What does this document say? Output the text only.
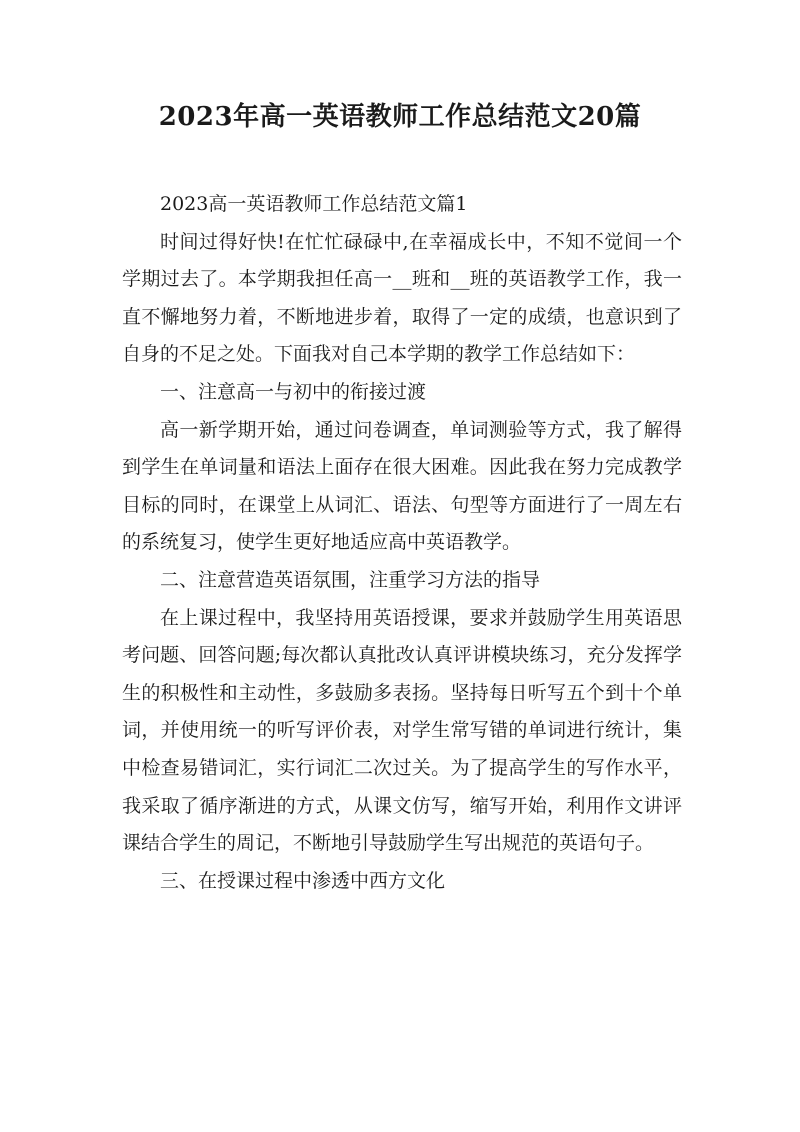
2023年高一英语教师工作总结范文20篇

2023高一英语教师工作总结范文篇1

时间过得好快!在忙忙碌碌中,在幸福成长中，不知不觉间一个学期过去了。本学期我担任高一__班和__班的英语教学工作，我一直不懈地努力着，不断地进步着，取得了一定的成绩，也意识到了自身的不足之处。下面我对自己本学期的教学工作总结如下：

一、注意高一与初中的衔接过渡

高一新学期开始，通过问卷调查，单词测验等方式，我了解得到学生在单词量和语法上面存在很大困难。因此我在努力完成教学目标的同时，在课堂上从词汇、语法、句型等方面进行了一周左右的系统复习，使学生更好地适应高中英语教学。

二、注意营造英语氛围，注重学习方法的指导

在上课过程中，我坚持用英语授课，要求并鼓励学生用英语思考问题、回答问题;每次都认真批改认真评讲模块练习，充分发挥学生的积极性和主动性，多鼓励多表扬。坚持每日听写五个到十个单词，并使用统一的听写评价表，对学生常写错的单词进行统计，集中检查易错词汇，实行词汇二次过关。为了提高学生的写作水平，我采取了循序渐进的方式，从课文仿写，缩写开始，利用作文讲评课结合学生的周记，不断地引导鼓励学生写出规范的英语句子。

三、在授课过程中渗透中西方文化
